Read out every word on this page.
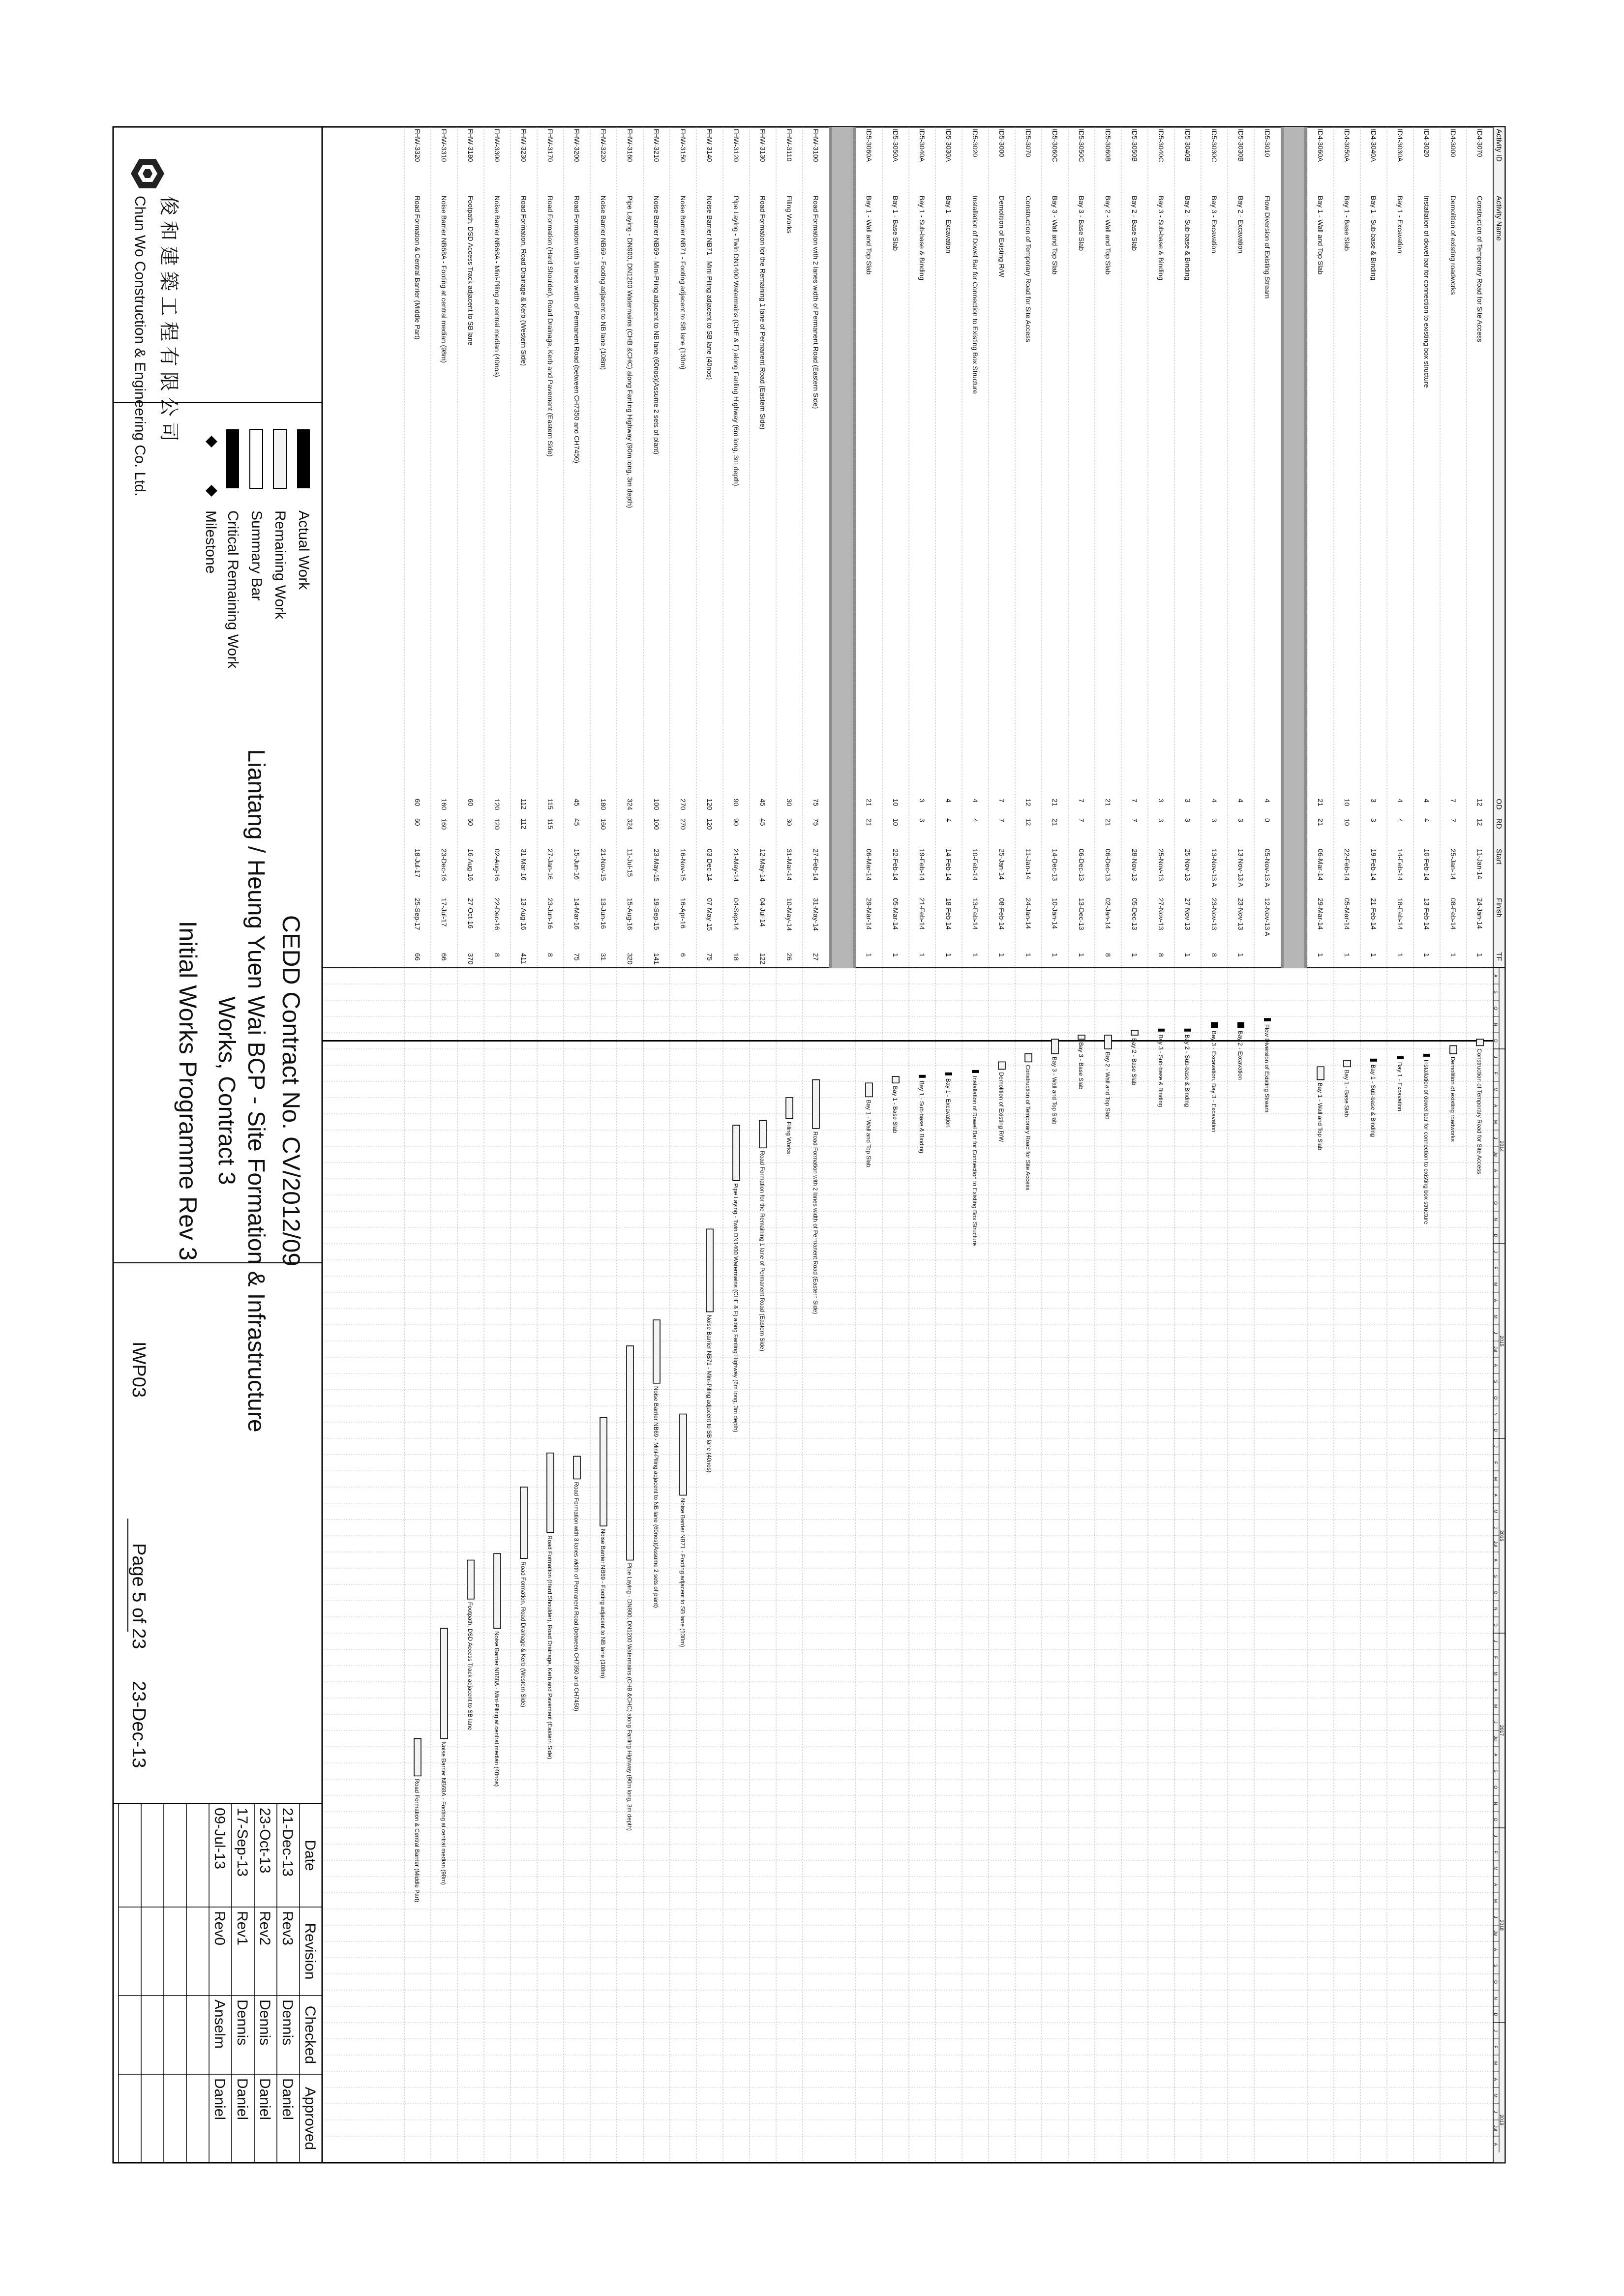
Activity ID
Activity Name
OD
RD
Start
Finish
TF
2014
2015
2016
2017
2018
2019
A
S
O
N
D
J
F
M
A
M
J
Jul
A
S
O
N
D
J
F
M
A
M
J
Jul
A
S
O
N
D
J
F
M
A
M
J
Jul
A
S
O
N
D
J
F
M
A
M
J
Jul
A
S
O
N
D
J
F
M
A
M
J
Jul
A
S
O
N
D
J
F
M
A
M
J
Jul
A
ID4-3070
Construction of Temporary Road for Site Access
12
12
11-Jan-14
24-Jan-14
1
Construction of Temporary Road for Site Access
ID4-3000
Demolition of existing roadworks
7
7
25-Jan-14
08-Feb-14
1
Demolition of existing roadworks
ID4-3020
Installation of dowel bar for connection to existing box structure
4
4
10-Feb-14
13-Feb-14
1
Installation of dowel bar for connection to existing box structure
ID4-3030A
Bay 1 - Excavation
4
4
14-Feb-14
18-Feb-14
1
Bay 1 - Excavation
ID4-3040A
Bay 1 - Sub-base & Binding
3
3
19-Feb-14
21-Feb-14
1
Bay 1 - Sub-base & Binding
ID4-3050A
Bay 1 - Base Slab
10
10
22-Feb-14
05-Mar-14
1
Bay 1 - Base Slab
ID4-3060A
Bay 1 - Wall and Top Slab
21
21
06-Mar-14
29-Mar-14
1
Bay 1 - Wall and Top Slab
ID5-3010
Flow Diversion of Existing Stream
4
0
05-Nov-13 A
12-Nov-13 A
Flow Diversion of Existing Stream
ID5-3030B
Bay 2 - Excavation
4
3
13-Nov-13 A
23-Nov-13
1
Bay 2 - Excavation
ID5-3030C
Bay 3 - Excavation
4
3
13-Nov-13 A
23-Nov-13
8
Bay 3 - Excavation, Bay 3 - Excavation
ID5-3040B
Bay 2 - Sub-base & Binding
3
3
25-Nov-13
27-Nov-13
1
Bay 2 - Sub-base & Binding
ID5-3040C
Bay 3 - Sub-base & Binding
3
3
25-Nov-13
27-Nov-13
8
Bay 3 - Sub-base & Binding
ID5-3050B
Bay 2 - Base Slab
7
7
28-Nov-13
05-Dec-13
1
Bay 2 - Base Slab
ID5-3060B
Bay 2 - Wall and Top Slab
21
21
06-Dec-13
02-Jan-14
8
Bay 2 - Wall and Top Slab
ID5-3050C
Bay 3 - Base Slab
7
7
06-Dec-13
13-Dec-13
1
Bay 3 - Base Slab
ID5-3060C
Bay 3 - Wall and Top Slab
21
21
14-Dec-13
10-Jan-14
1
Bay 3 - Wall and Top Slab
ID5-3070
Construction of Temporary Road for Site Access
12
12
11-Jan-14
24-Jan-14
1
Construction of Temporary Road for Site Access
ID5-3000
Demolition of Existing R/W
7
7
25-Jan-14
08-Feb-14
1
Demolition of Existing R/W
ID5-3020
Installation of Dowel Bar for Connection to Existing Box Structure
4
4
10-Feb-14
13-Feb-14
1
Installation of Dowel Bar for Connection to Existing Box Structure
ID5-3030A
Bay 1 - Excavation
4
4
14-Feb-14
18-Feb-14
1
Bay 1 - Excavation
ID5-3040A
Bay 1 - Sub-base & Binding
3
3
19-Feb-14
21-Feb-14
1
Bay 1 - Sub-base & Binding
ID5-3050A
Bay 1 - Base Slab
10
10
22-Feb-14
05-Mar-14
1
Bay 1 - Base Slab
ID5-3060A
Bay 1 - Wall and Top Slab
21
21
06-Mar-14
29-Mar-14
1
Bay 1 - Wall and Top Slab
FHW-3100
Road Formation with 2 lanes width of Permanent Road (Eastern Side)
75
75
27-Feb-14
31-May-14
27
Road Formation with 2 lanes width of Permanent Road (Eastern Side)
FHW-3110
Filing Works
30
30
31-Mar-14
10-May-14
26
Filing Works
FHW-3130
Road Formation for the Remaining 1 lane of Permanent Road (Eastern Side)
45
45
12-May-14
04-Jul-14
122
Road Formation for the Remaining 1 lane of Permanent Road (Eastern Side)
FHW-3120
Pipe Laying - Twin DN1400 Watermains (CHE & F) along Fanling Highway (6m long, 3m depth)
90
90
21-May-14
04-Sep-14
18
Pipe Laying - Twin DN1400 Watermains (CHE & F) along Fanling Highway (6m long, 3m depth)
FHW-3140
Noise Barrier NB71 - Mini-Piling adjacent to SB lane (40nos)
120
120
03-Dec-14
07-May-15
75
Noise Barrier NB71 - Mini-Piling adjacent to SB lane (40nos)
FHW-3150
Noise Barrier NB71 - Footing adjacent to SB lane (130m)
270
270
16-Nov-15
16-Apr-16
6
Noise Barrier NB71 - Footing adjacent to SB lane (130m)
FHW-3210
Noise Barrier NB69 - Mini-Piling adjacent to NB lane (60nos)(Assume 2 sets of plant)
100
100
23-May-15
19-Sep-15
141
Noise Barrier NB69 - Mini-Piling adjacent to NB lane (60nos)(Assume 2 sets of plant)
FHW-3160
Pipe Laying - DN900, DN1200 Watermains (CHB &CHC) along Fanling Highway (90m long, 3m depth)
324
324
11-Jul-15
15-Aug-16
320
Pipe Laying - DN900, DN1200 Watermains (CHB &CHC) along Fanling Highway (90m long, 3m depth)
FHW-3220
Noise Barrier NB69 - Footing adjacent to NB lane (108m)
180
160
21-Nov-15
13-Jun-16
31
Noise Barrier NB69 - Footing adjacent to NB lane (108m)
FHW-3200
Road Formation with 3 lanes width of Permanent Road (between CH7350 and CH7450)
45
45
15-Jun-16
14-Mar-16
75
Road Formation with 3 lanes width of Permanent Road (between CH7350 and CH7450)
FHW-3170
Road Formation (Hard Shoulder), Road Drainage, Kerb and Pavement (Eastern Side)
115
115
27-Jan-16
23-Jun-16
8
Road Formation (Hard Shoulder), Road Drainage, Kerb and Pavement (Eastern Side)
FHW-3230
Road Formation, Road Drainage & Kerb (Western Side)
112
112
31-Mar-16
13-Aug-16
411
Road Formation, Road Drainage & Kerb (Western Side)
FHW-3300
Noise Barrier NB68A - Mini-Piling at central median (40nos)
120
120
02-Aug-16
22-Dec-16
8
Noise Barrier NB68A - Mini-Piling at central median (40nos)
FHW-3180
Footpath, DSD Access Track adjacent to SB lane
60
60
16-Aug-16
27-Oct-16
370
Footpath, DSD Access Track adjacent to SB lane
FHW-3310
Noise Barrier NB68A - Footing at central median (98m)
160
160
23-Dec-16
17-Jul-17
66
Noise Barrier NB68A - Footing at central median (98m)
FHW-3320
Road Formation & Central Barrier (Middle Part)
60
60
18-Jul-17
25-Sep-17
66
Road Formation & Central Barrier (Middle Part)
俊 和 建 築 工 程 有 限 公 司
Chun Wo Construction & Engineering Co. Ltd.
Actual Work
Remaining Work
Summary Bar
Critical Remaining Work
Milestone
CEDD Contract No. CV/2012/09
Liantang / Heung Yuen Wai BCP - Site Formation & Infrastructure
Works, Contract 3
Initial Works Programme Rev 3
IWP03
Page 5 of 23
23-Dec-13
Date
Revision
Checked
Approved
21-Dec-13
Rev3
Dennis
Daniel
23-Oct-13
Rev2
Dennis
Daniel
17-Sep-13
Rev1
Dennis
Daniel
09-Jul-13
Rev0
Anselm
Daniel
